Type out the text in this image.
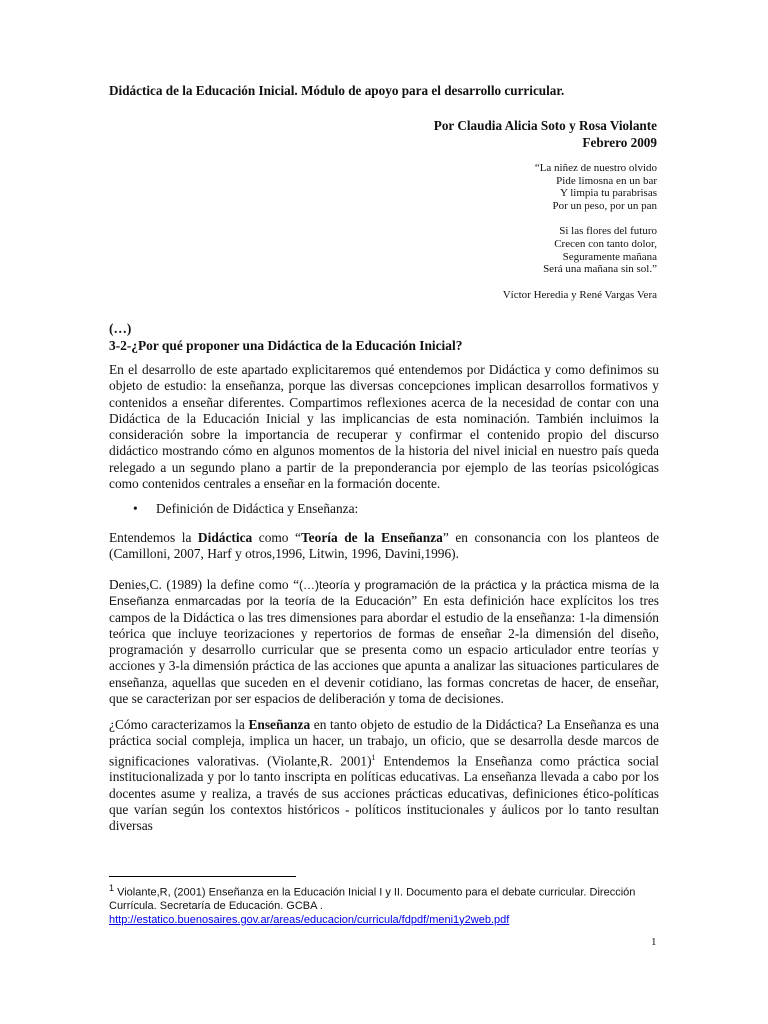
Didáctica de la Educación Inicial. Módulo de apoyo para el desarrollo curricular.
Por Claudia Alicia Soto y Rosa Violante
Febrero 2009
“La niñez de nuestro olvido
Pide limosna en un bar
Y limpia tu parabrisas
Por un peso, por un pan
Si las flores del futuro
Crecen con tanto dolor,
Seguramente mañana
Será una mañana sin sol.”
Víctor Heredia y René Vargas Vera
(…)
3-2-¿Por qué proponer una Didáctica de la Educación Inicial?
En el desarrollo de este apartado explicitaremos qué entendemos por Didáctica y como definimos su objeto de estudio: la enseñanza, porque las diversas concepciones implican desarrollos formativos y contenidos a enseñar diferentes. Compartimos reflexiones acerca de la necesidad de contar con una Didáctica de la Educación Inicial y las implicancias de esta nominación. También incluimos la consideración sobre la importancia de recuperar y confirmar el contenido propio del discurso didáctico mostrando cómo en algunos momentos de la historia del nivel inicial en nuestro país queda relegado a un segundo plano a partir de la preponderancia por ejemplo de las teorías psicológicas como contenidos centrales a enseñar en la formación docente.
• Definición de Didáctica y Enseñanza:
Entendemos la Didáctica como “Teoría de la Enseñanza” en consonancia con los planteos de (Camilloni, 2007, Harf y otros,1996, Litwin, 1996, Davini,1996).
Denies,C. (1989) la define como “(…)teoría y programación de la práctica y la práctica misma de la Enseñanza enmarcadas por la teoría de la Educación” En esta definición hace explícitos los tres campos de la Didáctica o las tres dimensiones para abordar el estudio de la enseñanza: 1-la dimensión teórica que incluye teorizaciones y repertorios de formas de enseñar 2-la dimensión del diseño, programación y desarrollo curricular que se presenta como un espacio articulador entre teorías y acciones y 3-la dimensión práctica de las acciones que apunta a analizar las situaciones particulares de enseñanza, aquellas que suceden en el devenir cotidiano, las formas concretas de hacer, de enseñar, que se caracterizan por ser espacios de deliberación y toma de decisiones.
¿Cómo caracterizamos la Enseñanza en tanto objeto de estudio de la Didáctica? La Enseñanza es una práctica social compleja, implica un hacer, un trabajo, un oficio, que se desarrolla desde marcos de significaciones valorativas. (Violante,R. 2001)$^1$ Entendemos la Enseñanza como práctica social institucionalizada y por lo tanto inscripta en políticas educativas. La enseñanza llevada a cabo por los docentes asume y realiza, a través de sus acciones prácticas educativas, definiciones ético-políticas que varían según los contextos históricos - políticos institucionales y áulicos por lo tanto resultan diversas
$^1$ Violante,R, (2001) Enseñanza en la Educación Inicial I y II. Documento para el debate curricular. Dirección Currícula. Secretaría de Educación. GCBA .
http://estatico.buenosaires.gov.ar/areas/educacion/curricula/fdpdf/meni1y2web.pdf
1
